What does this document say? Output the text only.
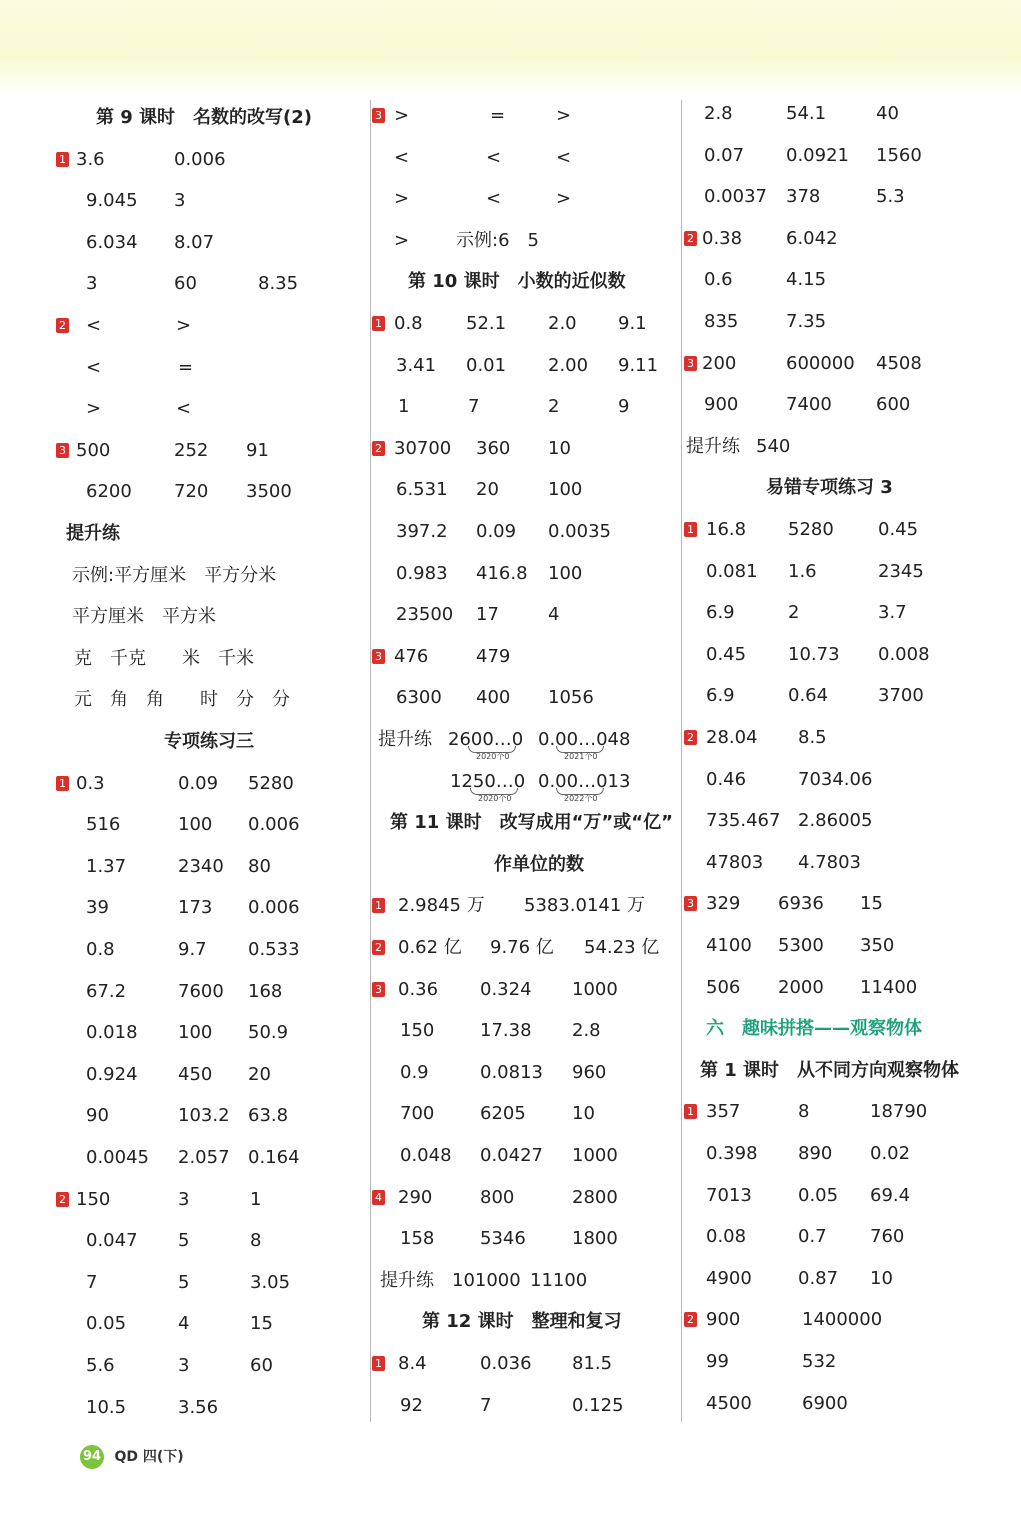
第 9 课时　名数的改写(2)
1 3.6	0.006
9.045 3
6.034 8.07
3	60	8.35
2 <	>
<	=
>	<
3 500	252 91
6200 720 3500
提升练
示例:平方厘米　平方分米
平方厘米　平方米
克　千克　　米　千米
元　角　角　　时　分　分
专项练习三
1 0.3	0.09 5280
516	100 0.006
1.37	2340 80
39	173 0.006
0.8	9.7 0.533
67.2	7600 168
0.018 100 50.9
0.924 450 20
90	103.2 63.8
0.0045 2.057 0.164
2 150	3	1
0.047 5	8
7	5	3.05
0.05	4	15
5.6	3	60
10.5	3.56
3 >	=	>
<	<	<
>	<	>
>	示例:6　5
第 10 课时　小数的近似数
1 0.8 52.1 2.0 9.1
3.41 0.01 2.00 9.11
1	7	2	9
2 30700 360 10
6.531 20	100
397.2 0.09 0.0035
0.983 416.8 100
23500 17	4
3 476	479
6300 400 1056
提升练 2600…0 0.00…048
2020个0	2021个0
1250…0 0.00…013
2020个0	2022个0
第 11 课时　改写成用“万”或“亿”
作单位的数
1 2.9845 万 5383.0141 万
2 0.62 亿 9.76 亿 54.23 亿
3 0.36 0.324 1000
150	17.38 2.8
0.9	0.0813 960
700	6205	10
0.048 0.0427 1000
4 290	800	2800
158	5346	1800
提升练 101000 11100
第 12 课时　整理和复习
1 8.4	0.036 81.5
92	7	0.125
2.8	54.1	40
0.07 0.0921 1560
0.0037 378	5.3
2 0.38 6.042
0.6	4.15
835	7.35
3 200	600000 4508
900	7400 600
提升练 540
易错专项练习 3
1 16.8 5280 0.45
0.081 1.6	2345
6.9	2	3.7
0.45 10.73 0.008
6.9	0.64	3700
2 28.04 8.5
0.46	7034.06
735.467 2.86005
47803 4.7803
3 329 6936 15
4100 5300 350
506 2000 11400
六　趣味拼搭——观察物体
第 1 课时　从不同方向观察物体
1 357	8	18790
0.398 890 0.02
7013	0.05 69.4
0.08	0.7 760
4900	0.87 10
2 900	1400000
99	532
4500	6900
94 QD 四(下)
